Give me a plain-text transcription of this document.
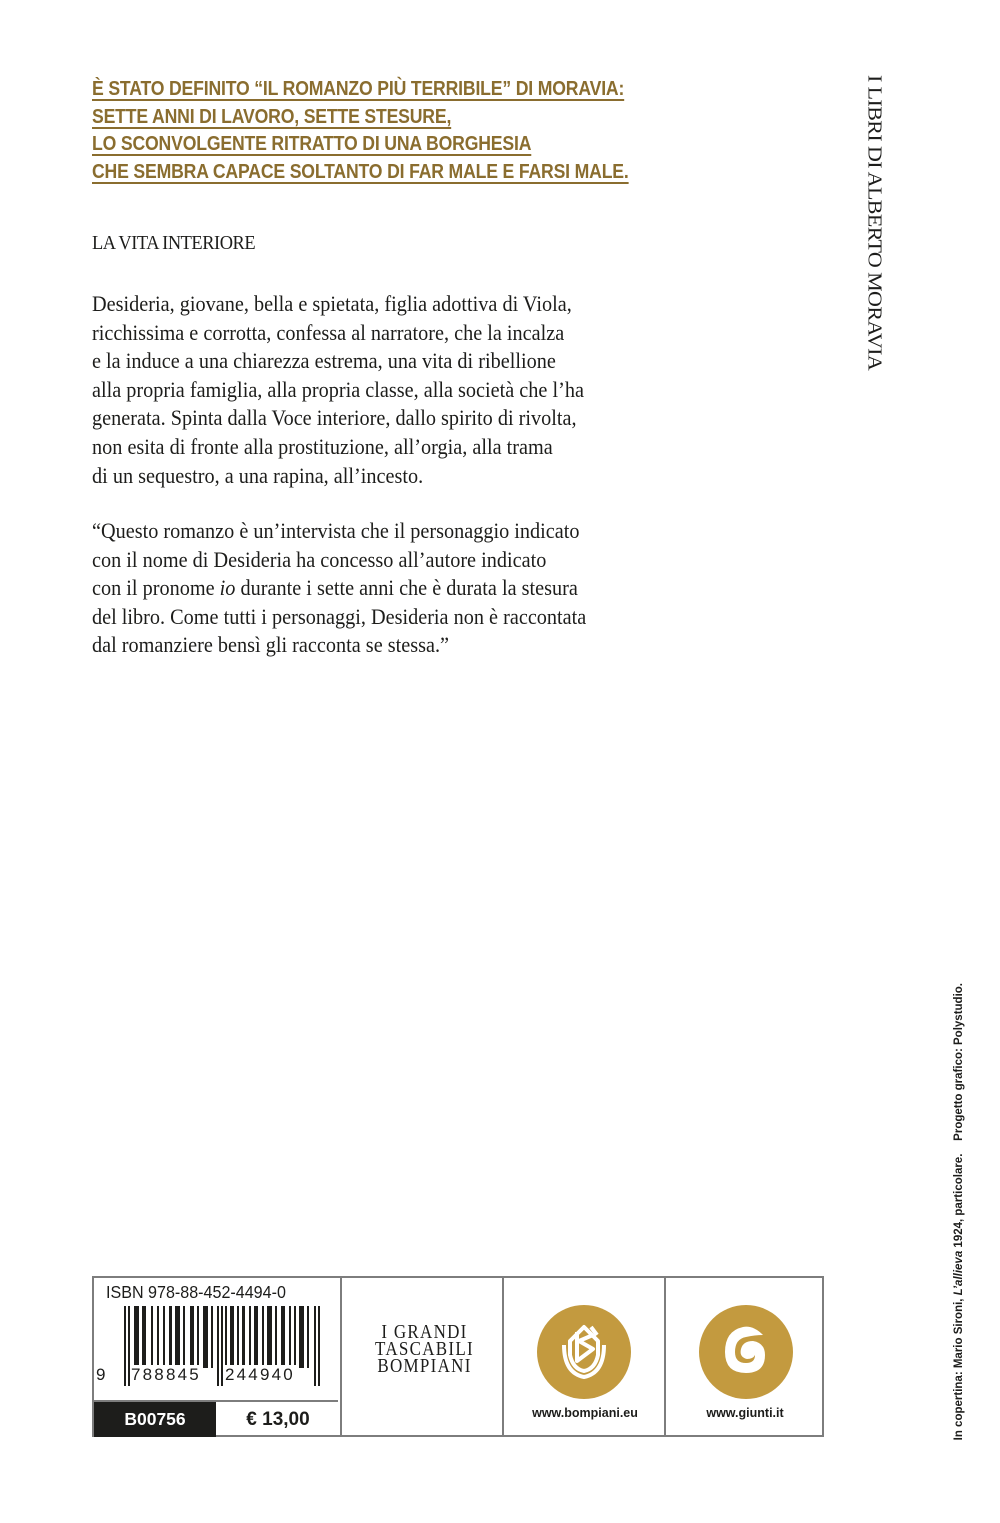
È STATO DEFINITO “IL ROMANZO PIÙ TERRIBILE” DI MORAVIA:
SETTE ANNI DI LAVORO, SETTE STESURE,
LO SCONVOLGENTE RITRATTO DI UNA BORGHESIA
CHE SEMBRA CAPACE SOLTANTO DI FAR MALE E FARSI MALE.	I LIBRI DI ALBERTO MORAVIA
LA VITA INTERIORE
Desideria, giovane, bella e spietata, figlia adottiva di Viola,
ricchissima e corrotta, confessa al narratore, che la incalza
e la induce a una chiarezza estrema, una vita di ribellione
alla propria famiglia, alla propria classe, alla società che l’ha
generata. Spinta dalla Voce interiore, dallo spirito di rivolta,
non esita di fronte alla prostituzione, all’orgia, alla trama
di un sequestro, a una rapina, all’incesto.
“Questo romanzo è un’intervista che il personaggio indicato
con il nome di Desideria ha concesso all’autore indicato
con il pronome io durante i sette anni che è durata la stesura
del libro. Come tutti i personaggi, Desideria non è raccontata
dal romanziere bensì gli racconta se stessa.”
In copertina: Mario Sironi, L’allieva 1924, particolare.    Progetto grafico: Polystudio.
ISBN 978-88-452-4494-0
9 788845 244940
B00756	€ 13,00
I GRANDI
TASCABILI
BOMPIANI
www.bompiani.eu	www.giunti.it
